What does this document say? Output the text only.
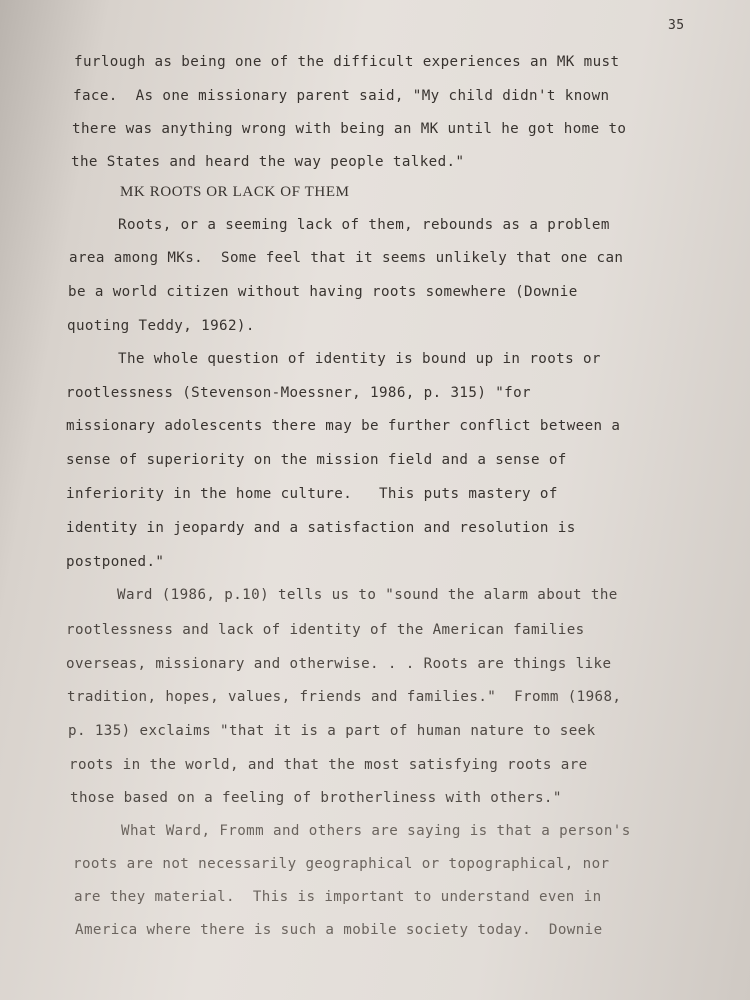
35
furlough as being one of the difficult experiences an MK must
face.  As one missionary parent said, "My child didn't known
there was anything wrong with being an MK until he got home to
the States and heard the way people talked."
MK ROOTS OR LACK OF THEM
Roots, or a seeming lack of them, rebounds as a problem
area among MKs.  Some feel that it seems unlikely that one can
be a world citizen without having roots somewhere (Downie
quoting Teddy, 1962).
The whole question of identity is bound up in roots or
rootlessness (Stevenson-Moessner, 1986, p. 315) "for
missionary adolescents there may be further conflict between a
sense of superiority on the mission field and a sense of
inferiority in the home culture.   This puts mastery of
identity in jeopardy and a satisfaction and resolution is
postponed."
Ward (1986, p.10) tells us to "sound the alarm about the
rootlessness and lack of identity of the American families
overseas, missionary and otherwise. . . Roots are things like
tradition, hopes, values, friends and families."  Fromm (1968,
p. 135) exclaims "that it is a part of human nature to seek
roots in the world, and that the most satisfying roots are
those based on a feeling of brotherliness with others."
What Ward, Fromm and others are saying is that a person's
roots are not necessarily geographical or topographical, nor
are they material.  This is important to understand even in
America where there is such a mobile society today.  Downie
